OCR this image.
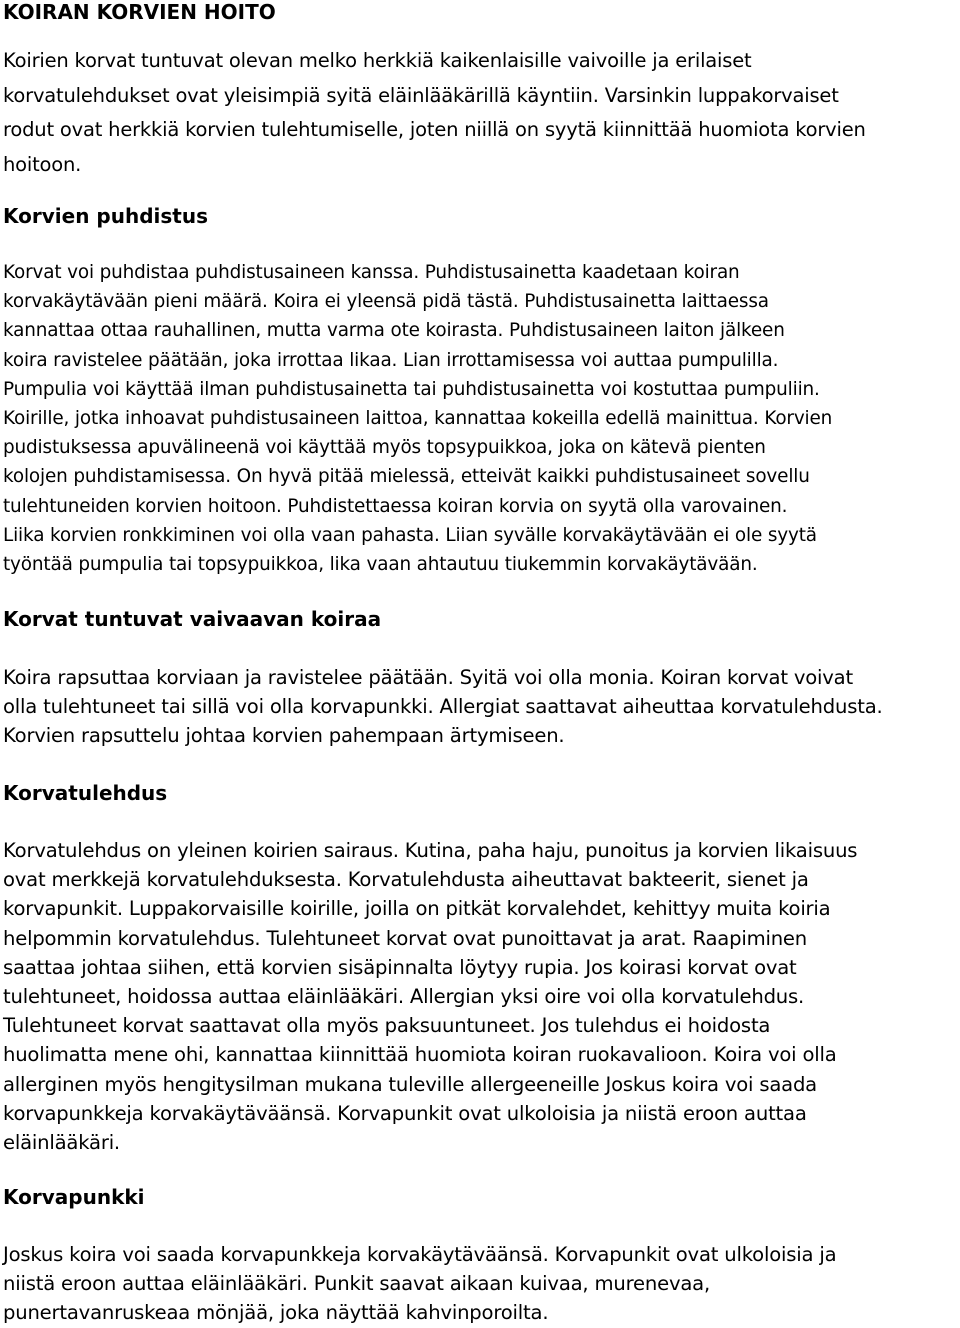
KOIRAN KORVIEN HOITO

Koirien korvat tuntuvat olevan melko herkkiä kaikenlaisille vaivoille ja erilaiset
korvatulehdukset ovat yleisimpiä syitä eläinlääkärillä käyntiin. Varsinkin luppakorvaiset
rodut ovat herkkiä korvien tulehtumiselle, joten niillä on syytä kiinnittää huomiota korvien
hoitoon.

Korvien puhdistus

Korvat voi puhdistaa puhdistusaineen kanssa. Puhdistusainetta kaadetaan koiran
korvakäytävään pieni määrä. Koira ei yleensä pidä tästä. Puhdistusainetta laittaessa
kannattaa ottaa rauhallinen, mutta varma ote koirasta. Puhdistusaineen laiton jälkeen
koira ravistelee päätään, joka irrottaa likaa. Lian irrottamisessa voi auttaa pumpulilla.
Pumpulia voi käyttää ilman puhdistusainetta tai puhdistusainetta voi kostuttaa pumpuliin.
Koirille, jotka inhoavat puhdistusaineen laittoa, kannattaa kokeilla edellä mainittua. Korvien
pudistuksessa apuvälineenä voi käyttää myös topsypuikkoa, joka on kätevä pienten
kolojen puhdistamisessa. On hyvä pitää mielessä, etteivät kaikki puhdistusaineet sovellu
tulehtuneiden korvien hoitoon. Puhdistettaessa koiran korvia on syytä olla varovainen.
Liika korvien ronkkiminen voi olla vaan pahasta. Liian syvälle korvakäytävään ei ole syytä
työntää pumpulia tai topsypuikkoa, lika vaan ahtautuu tiukemmin korvakäytävään.

Korvat tuntuvat vaivaavan koiraa

Koira rapsuttaa korviaan ja ravistelee päätään. Syitä voi olla monia. Koiran korvat voivat
olla tulehtuneet tai sillä voi olla korvapunkki. Allergiat saattavat aiheuttaa korvatulehdusta.
Korvien rapsuttelu johtaa korvien pahempaan ärtymiseen.

Korvatulehdus

Korvatulehdus on yleinen koirien sairaus. Kutina, paha haju, punoitus ja korvien likaisuus
ovat merkkejä korvatulehduksesta. Korvatulehdusta aiheuttavat bakteerit, sienet ja
korvapunkit. Luppakorvaisille koirille, joilla on pitkät korvalehdet, kehittyy muita koiria
helpommin korvatulehdus. Tulehtuneet korvat ovat punoittavat ja arat. Raapiminen
saattaa johtaa siihen, että korvien sisäpinnalta löytyy rupia. Jos koirasi korvat ovat
tulehtuneet, hoidossa auttaa eläinlääkäri. Allergian yksi oire voi olla korvatulehdus.
Tulehtuneet korvat saattavat olla myös paksuuntuneet. Jos tulehdus ei hoidosta
huolimatta mene ohi, kannattaa kiinnittää huomiota koiran ruokavalioon. Koira voi olla
allerginen myös hengitysilman mukana tuleville allergeeneille Joskus koira voi saada
korvapunkkeja korvakäytäväänsä. Korvapunkit ovat ulkoloisia ja niistä eroon auttaa
eläinlääkäri.

Korvapunkki

Joskus koira voi saada korvapunkkeja korvakäytäväänsä. Korvapunkit ovat ulkoloisia ja
niistä eroon auttaa eläinlääkäri. Punkit saavat aikaan kuivaa, murenevaa,
punertavanruskeaa mönjää, joka näyttää kahvinporoilta.
